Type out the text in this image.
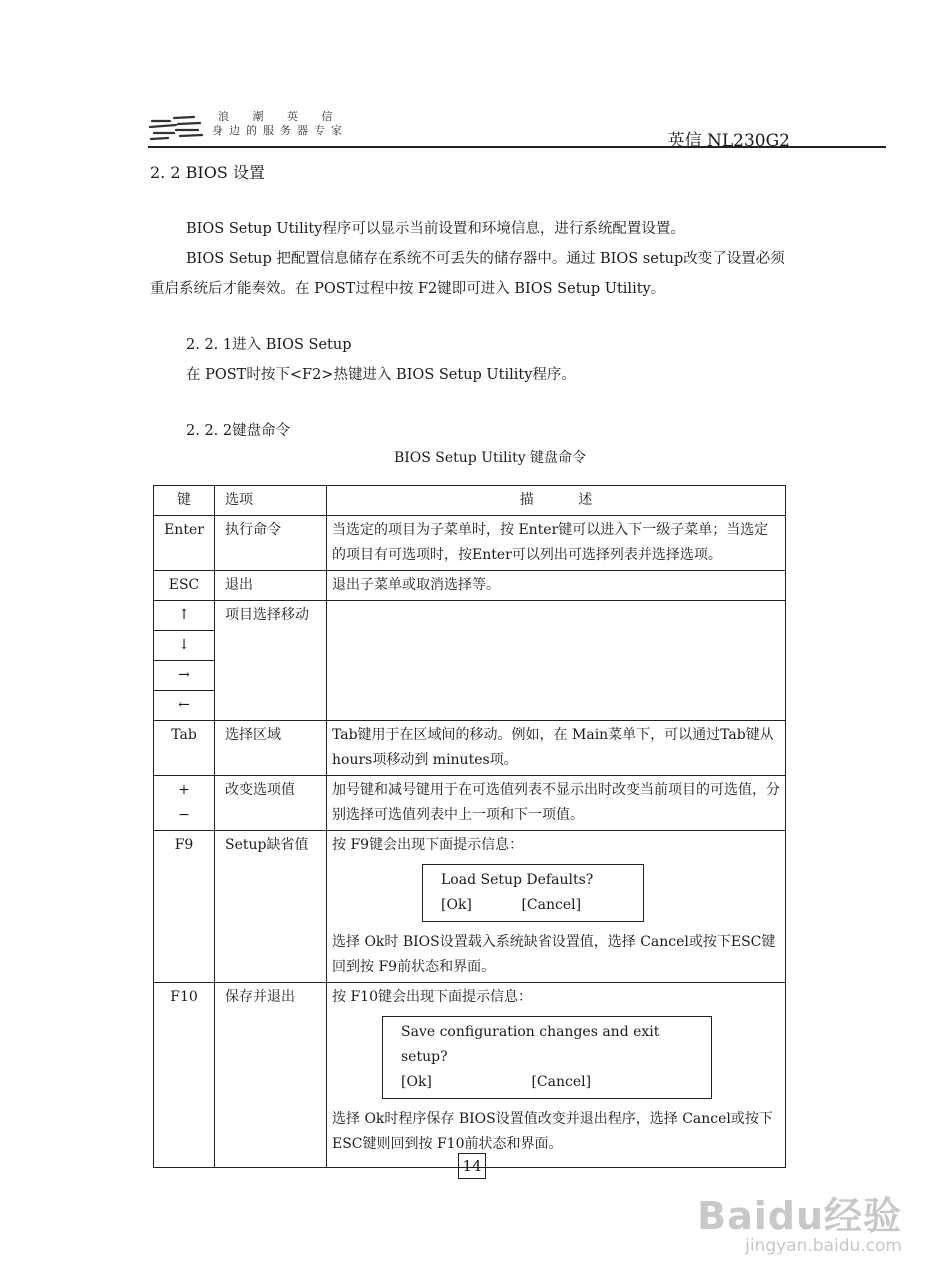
浪 潮 英 信
身边的服务器专家
英信 NL230G2
2. 2 BIOS 设置

BIOS Setup Utility程序可以显示当前设置和环境信息，进行系统配置设置。

BIOS Setup 把配置信息储存在系统不可丢失的储存器中。通过 BIOS setup改变了设置必须重启系统后才能奏效。在 POST过程中按 F2键即可进入 BIOS Setup Utility。

2. 2. 1进入 BIOS Setup
在 POST时按下<F2>热键进入 BIOS Setup Utility程序。
2. 2. 2键盘命令
BIOS Setup Utility 键盘命令
键	选项	描          述
Enter	执行命令	当选定的项目为子菜单时，按 Enter键可以进入下一级子菜单；当选定的项目有可选项时，按Enter可以列出可选择列表并选择选项。
ESC	退出	退出子菜单或取消选择等。
↑	项目选择移动	
↓		
→		
←		
Tab	选择区域	Tab键用于在区域间的移动。例如，在 Main菜单下，可以通过Tab键从 hours项移动到 minutes项。

+
−	改变选项值	加号键和减号键用于在可选值列表不显示出时改变当前项目的可选值，分别选择可选值列表中上一项和下一项值。
F9	Setup缺省值	按 F9键会出现下面提示信息：
Load Setup Defaults?
[Ok] [Cancel]
选择 Ok时 BIOS设置载入系统缺省设置值，选择 Cancel或按下ESC键回到按 F9前状态和界面。

F10	保存并退出	按 F10键会出现下面提示信息：
Save configuration changes and exit setup?
[Ok] [Cancel]
选择 Ok时程序保存 BIOS设置值改变并退出程序，选择 Cancel或按下 ESC键则回到按 F10前状态和界面。
14
Baidu经验
jingyan.baidu.com
